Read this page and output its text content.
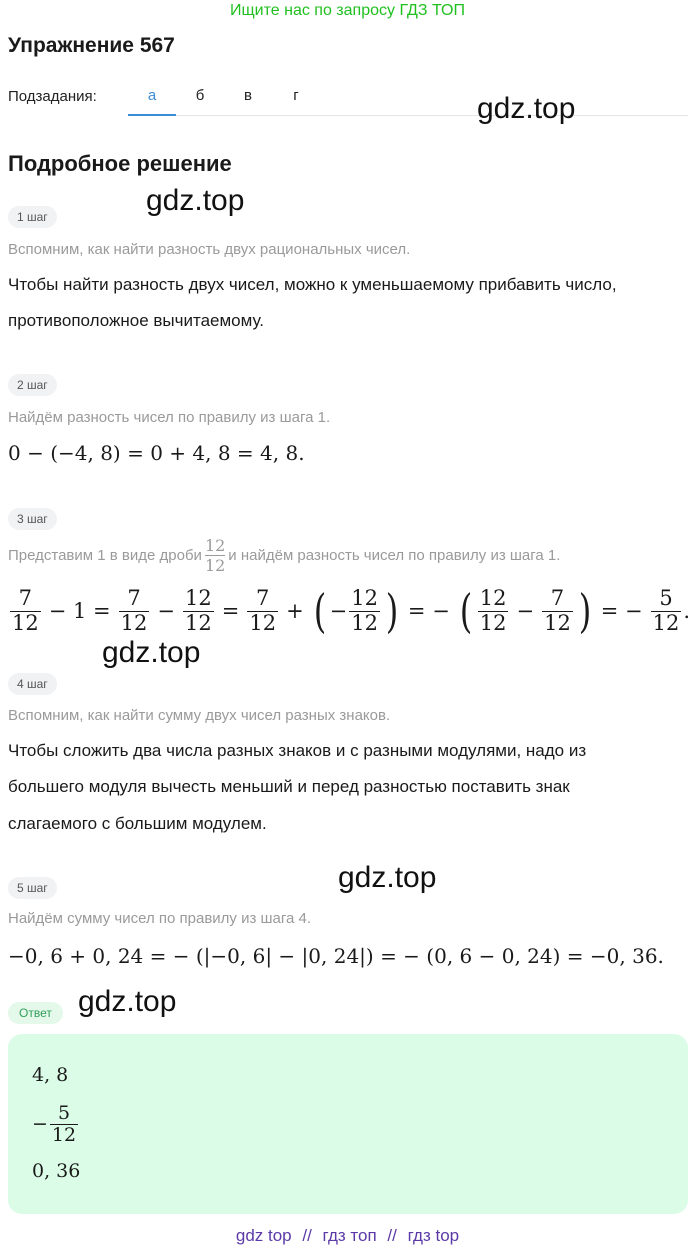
Ищите нас по запросу ГДЗ ТОП
Упражнение 567
Подзадания:	а	б	в	г	gdz.top
gdz.top
gdz.top
gdz.top
gdz.top
Подробное решение
1 шаг
Вспомним, как найти разность двух рациональных чисел.
Чтобы найти разность двух чисел, можно к уменьшаемому прибавить число,
противоположное вычитаемому.
2 шаг
Найдём разность чисел по правилу из шага 1.
0 − (−4, 8) = 0 + 4, 8 = 4, 8.
3 шаг
Представим 1 в виде дроби
12
12
и найдём разность чисел по правилу из шага 1.
$\frac{7}{12} - 1 = \frac{7}{12} - \frac{12}{12} = \frac{7}{12}$ + ( − $\frac{12}{12}$ ) = − ( $\frac{12}{12} - \frac{7}{12}$ ) = − $\frac{5}{12}$ .
4 шаг
Вспомним, как найти сумму двух чисел разных знаков.
Чтобы сложить два числа разных знаков и с разными модулями, надо из
большего модуля вычесть меньший и перед разностью поставить знак
слагаемого с большим модулем.
5 шаг
Найдём сумму чисел по правилу из шага 4.
−0, 6 + 0, 24 = − (|−0, 6| − |0, 24|) = − (0, 6 − 0, 24) = −0, 36.
Ответ
4, 8
− $\frac{5}{12}$
0, 36
gdz top // гдз топ // гдз top
